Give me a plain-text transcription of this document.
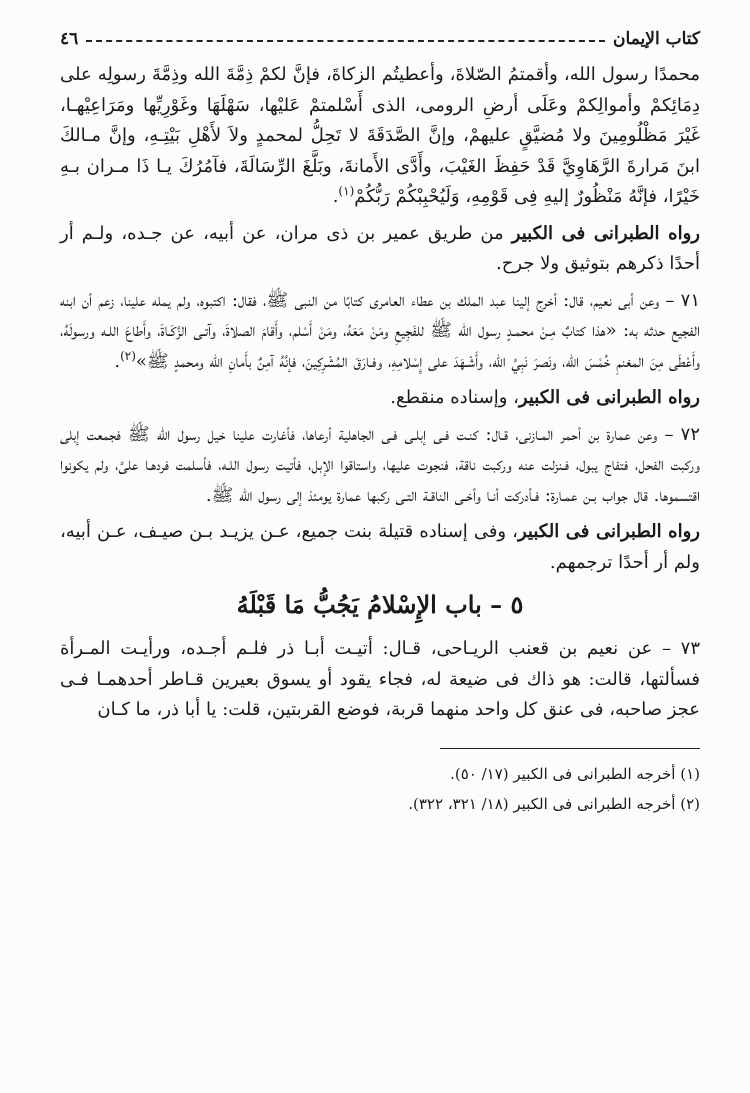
كتاب الإيمان
٤٦

محمدًا رسول الله، وأقمتمُ الصّلاةَ، وأعطيتُم الزكاةَ، فإنَّ لكمْ ذِمَّةَ الله وذِمَّةَ رسولِه على دِمَائِكمْ وأموالِكمْ وعَلَى أرضِ الرومى، الذى أَسْلمتمْ عَليْها، سَهْلَهَا وغَوْرِيِّها ومَرَاعِيْهـا، غَيْرَ مَظْلُومِينَ ولا مُضيَّقٍ عليهمْ، وإنَّ الصَّدَقَةَ لا تَحِلُّ لمحمدٍ ولاَ لأَهْلِ بَيْتِـهِ، وإنَّ مـالكَ ابنَ مَرارةَ الرَّهَاوِيَّ قَدْ حَفِظَ الغَيْبَ، وأَدَّى الأَمانةَ، وبَلَّغَ الرِّسَالَةَ، فآمُرُكَ يـا ذَا مـران بـهِ خَيْرًا، فإنَّهُ مَنْظُورٌ إليهِ فِى قَوْمِهِ، وَلَيُحْبِبْكُمْ رَبُّكُمْ$^{(١)}$.

رواه الطبرانى فى الكبير من طريق عمير بن ذى مران، عن أبيه، عن جـده، ولـم أر أحدًا ذكرهم بتوثيق ولا جرح.

٧١ – وعن أبى نعيم، قال: أخرج إلينا عبد الملك بن عطاء العامرى كتابًا من النبى ﷺ، فقال: اكتبوه، ولم يمله علينا، زعم أن ابنه الفجيع حدثه به: «هذا كتابٌ مِـنْ محمـدٍ رسول الله ﷺ للفَجِيعِ ومَنْ مَعَهُ، ومَنْ أَسْلم، وأَقامَ الصلاةَ، وآتـى الزَّكَـاةَ، وأَطاعَ اللـه ورسولَهُ، وأَعْطَى مِنَ المغنمِ خُمْسَ الله، ونَصرَ نَبِيَّ الله، وأَشْـهَدَ على إِسْلامِهِ، وفـارَقَ المُشْرِكِينَ، فإنَّهُ آمِنٌ بأَمانِ الله ومحمدٍ ﷺ»$^{(٢)}$.

رواه الطبرانى فى الكبير، وإسناده منقطع.

٧٢ – وعن عمارة بن أحمر المـازنى، قـال: كنـت فـى إبلـى فـى الجاهلية أرعاها، فأغارت علينا خيل رسول الله ﷺ فجمعت إبلى وركبت الفحل، فتفاج يبول، فـنزلت عنه وركبت ناقة، فنجوت عليها، واستاقوا الإبل، فأتيت رسول اللـه، فأسلمت فردهـا علىَّ، ولم يكونوا اقتسموها. قال جواب بـن عمـارة: فـأدركت أنـا وأخـى الناقـة التـى ركبها عمارة يومئذ إلى رسول الله ﷺ.

رواه الطبرانى فى الكبير، وفى إسناده قتيلة بنت جميع، عـن يزيـد بـن صيـف، عـن أبيه، ولم أر أحدًا ترجمهم.

٥ – باب الإِسْلامُ يَجُبُّ مَا قَبْلَهُ

٧٣ – عن نعيم بن قعنب الريـاحى، قـال: أتيـت أبـا ذر فلـم أجـده، ورأيـت المـرأة فسألتها، قالت: هو ذاك فى ضيعة له، فجاء يقود أو يسوق بعيرين قـاطر أحدهمـا فـى عجز صاحبه، فى عنق كل واحد منهما قربة، فوضع القربتين، قلت: يا أبا ذر، ما كـان

(١) أخرجه الطبرانى فى الكبير (١٧/ ٥٠).

(٢) أخرجه الطبرانى فى الكبير (١٨/ ٣٢١، ٣٢٢).
